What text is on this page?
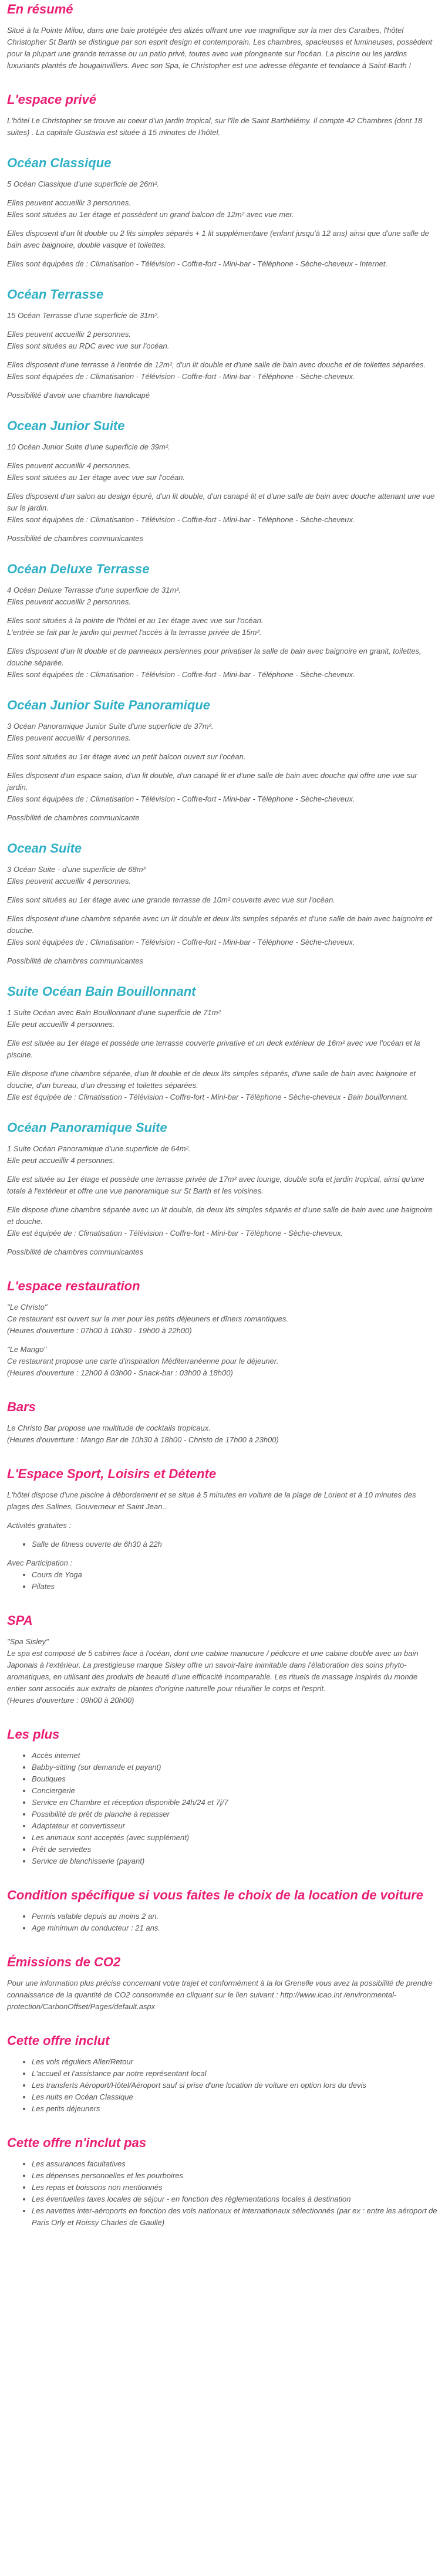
En résumé

Situé à la Pointe Milou, dans une baie protégée des alizés offrant une vue magnifique sur la mer des Caraïbes, l'hôtel Christopher St Barth se distingue par son esprit design et contemporain. Les chambres, spacieuses et lumineuses, possèdent pour la plupart une grande terrasse ou un patio privé, toutes avec vue plongeante sur l'océan. La piscine ou les jardins luxuriants plantés de bougainvilliers. Avec son Spa, le Christopher est une adresse élégante et tendance à Saint-Barth !

L'espace privé

L'hôtel Le Christopher se trouve au coeur d'un jardin tropical, sur l'île de Saint Barthélémy. Il compte 42 Chambres (dont 18 suites) . La capitale Gustavia est située à 15 minutes de l'hôtel.

Océan Classique

5 Océan Classique d'une superficie de 26m².

Elles peuvent accueillir 3 personnes.
Elles sont situées au 1er étage et possèdent un grand balcon de 12m² avec vue mer.

Elles disposent d'un lit double ou 2 lits simples séparés + 1 lit supplémentaire (enfant jusqu'à 12 ans) ainsi que d'une salle de bain avec baignoire, double vasque et toilettes.

Elles sont équipées de : Climatisation - Télévision - Coffre-fort - Mini-bar - Téléphone - Sèche-cheveux - Internet.

Océan Terrasse

15 Océan Terrasse d'une superficie de 31m².

Elles peuvent accueillir 2 personnes.
Elles sont situées au RDC avec vue sur l'océan.

Elles disposent d'une terrasse à l'entrée de 12m², d'un lit double et d'une salle de bain avec douche et de toilettes séparées.
Elles sont équipées de : Climatisation - Télévision - Coffre-fort - Mini-bar - Téléphone - Sèche-cheveux.

Possibilité d'avoir une chambre handicapé

Ocean Junior Suite

10 Océan Junior Suite d'une superficie de 39m².

Elles peuvent accueillir 4 personnes.
Elles sont situées au 1er étage avec vue sur l'océan.

Elles disposent d'un salon au design épuré, d'un lit double, d'un canapé lit et d'une salle de bain avec douche attenant une vue sur le jardin.
Elles sont équipées de : Climatisation - Télévision - Coffre-fort - Mini-bar - Téléphone - Sèche-cheveux.

Possibilité de chambres communicantes

Océan Deluxe Terrasse

4 Océan Deluxe Terrasse d'une superficie de 31m².
Elles peuvent accueillir 2 personnes.

Elles sont situées à la pointe de l'hôtel et au 1er étage avec vue sur l'océan.
L'entrée se fait par le jardin qui permet l'accès à la terrasse privée de 15m².

Elles disposent d'un lit double et de panneaux persiennes pour privatiser la salle de bain avec baignoire en granit, toilettes, douche séparée.
Elles sont équipées de : Climatisation - Télévision - Coffre-fort - Mini-bar - Téléphone - Sèche-cheveux.

Océan Junior Suite Panoramique

3 Océan Panoramique Junior Suite d'une superficie de 37m².
Elles peuvent accueillir 4 personnes.

Elles sont situées au 1er étage avec un petit balcon ouvert sur l'océan.

Elles disposent d'un espace salon, d'un lit double, d'un canapé lit et d'une salle de bain avec douche qui offre une vue sur jardin.
Elles sont équipées de : Climatisation - Télévision - Coffre-fort - Mini-bar - Téléphone - Sèche-cheveux.

Possibilité de chambres communicante

Ocean Suite

3 Océan Suite - d'une superficie de 68m²
Elles peuvent accueillir 4 personnes.

Elles sont situées au 1er étage avec une grande terrasse de 10m² couverte avec vue sur l'océan.

Elles disposent d'une chambre séparée avec un lit double et deux lits simples séparés et d'une salle de bain avec baignoire et douche.
Elles sont équipées de : Climatisation - Télévision - Coffre-fort - Mini-bar - Téléphone - Sèche-cheveux.

Possibilité de chambres communicantes

Suite Océan Bain Bouillonnant

1 Suite Océan avec Bain Bouillonnant d'une superficie de 71m²
Elle peut accueillir 4 personnes.

Elle est située au 1er étage et possède une terrasse couverte privative et un deck extérieur de 16m² avec vue l'océan et la piscine.

Elle dispose d'une chambre séparée, d'un lit double et de deux lits simples séparés, d'une salle de bain avec baignoire et douche, d'un bureau, d'un dressing et toilettes séparées.
Elle est équipée de : Climatisation - Télévision - Coffre-fort - Mini-bar - Téléphone - Sèche-cheveux - Bain bouillonnant.

Océan Panoramique Suite

1 Suite Océan Panoramique d'une superficie de 64m².
Elle peut accueillir 4 personnes.

Elle est située au 1er étage et possède une terrasse privée de 17m² avec lounge, double sofa et jardin tropical, ainsi qu'une totale à l'extérieur et offre une vue panoramique sur St Barth et les voisines.

Elle dispose d'une chambre séparée avec un lit double, de deux lits simples séparés et d'une salle de bain avec une baignoire et douche.
Elle est équipée de : Climatisation - Télévision - Coffre-fort - Mini-bar - Téléphone - Sèche-cheveux.

Possibilité de chambres communicantes

L'espace restauration

"Le Christo"

Ce restaurant est ouvert sur la mer pour les petits déjeuners et dîners romantiques.

(Heures d'ouverture : 07h00 à 10h30 - 19h00 à 22h00)

"Le Mango"

Ce restaurant propose une carte d'inspiration Méditerranéenne pour le déjeuner.

(Heures d'ouverture : 12h00 à 03h00 - Snack-bar : 03h00 à 18h00)

Bars

Le Christo Bar propose une multitude de cocktails tropicaux.

(Heures d'ouverture : Mango Bar de 10h30 à 18h00 - Christo de 17h00 à 23h00)

L'Espace Sport, Loisirs et Détente

L'hôtel dispose d'une piscine à débordement et se situe à 5 minutes en voiture de la plage de Lorient et à 10 minutes des plages des Salines, Gouverneur et Saint Jean..

Activités gratuites :

• Salle de fitness ouverte de 6h30 à 22h

Avec Participation :

• Cours de Yoga
• Pilates
SPA

"Spa Sisley"

Le spa est composé de 5 cabines face à l'océan, dont une cabine manucure / pédicure et une cabine double avec un bain Japonais à l'extérieur. La prestigieuse marque Sisley offre un savoir-faire inimitable dans l'élaboration des soins phyto-aromatiques, en utilisant des produits de beauté d'une efficacité incomparable. Les rituels de massage inspirés du monde entier sont associés aux extraits de plantes d'origine naturelle pour réunifier le corps et l'esprit.

(Heures d'ouverture : 09h00 à 20h00)

Les plus
• Accès internet
• Babby-sitting (sur demande et payant)
• Boutiques
• Conciergerie
• Service en Chambre et réception disponible 24h/24 et 7j/7
• Possibilité de prêt de planche à repasser
• Adaptateur et convertisseur
• Les animaux sont acceptés (avec supplément)
• Prêt de serviettes
• Service de blanchisserie (payant)
Condition spécifique si vous faites le choix de la location de voiture
• Permis valable depuis au moins 2 an.
• Age minimum du conducteur : 21 ans.
Émissions de CO2

Pour une information plus précise concernant votre trajet et conformément à la loi Grenelle vous avez la possibilité de prendre connaissance de la quantité de CO2 consommée en cliquant sur le lien suivant : http://www.icao.int /environmental-protection/CarbonOffset/Pages/default.aspx

Cette offre inclut
• Les vols réguliers Aller/Retour
• L'accueil et l'assistance par notre représentant local
• Les transferts Aéroport/Hôtel/Aéroport sauf si prise d'une location de voiture en option lors du devis
• Les nuits en Océan Classique
• Les petits déjeuners
Cette offre n'inclut pas
• Les assurances facultatives
• Les dépenses personnelles et les pourboires
• Les repas et boissons non mentionnés
• Les éventuelles taxes locales de séjour - en fonction des règlementations locales à destination
• Les navettes inter-aéroports en fonction des vols nationaux et internationaux sélectionnés (par ex : entre les aéroport de Paris Orly et Roissy Charles de Gaulle)
